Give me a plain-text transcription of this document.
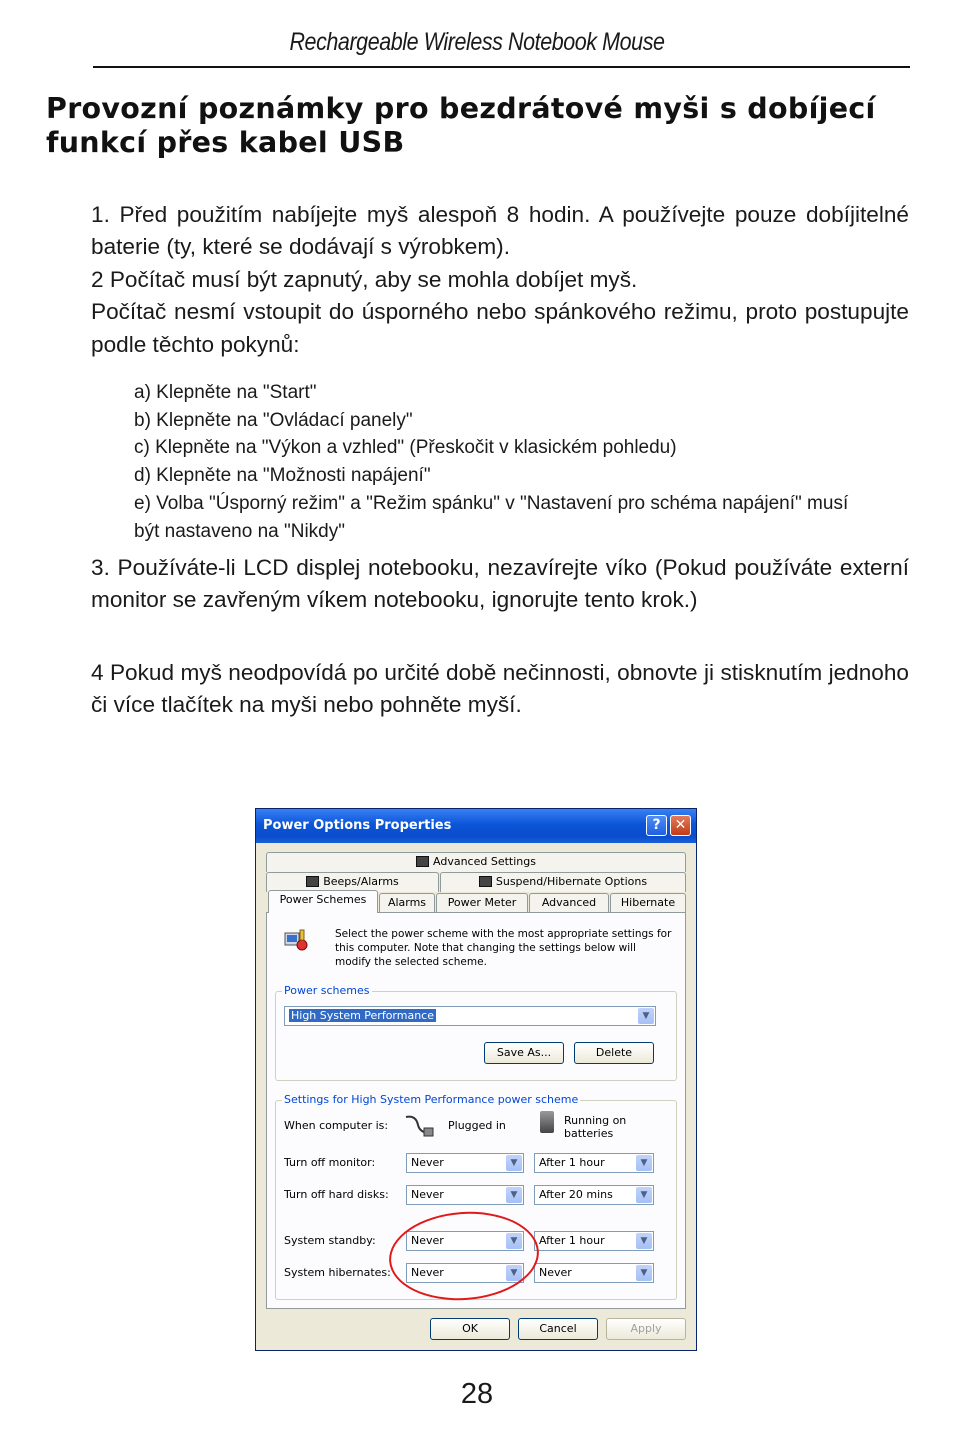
Rechargeable Wireless Notebook Mouse
Provozní poznámky pro bezdrátové myši s dobíjecí funkcí přes kabel USB
1. Před použitím nabíjejte myš alespoň 8 hodin. A používejte pouze dobíjitelné baterie (ty, které se dodávají s výrobkem).
2 Počítač musí být zapnutý, aby se mohla dobíjet myš.
Počítač nesmí vstoupit do úsporného nebo spánkového režimu, proto postupujte podle těchto pokynů:
a) Klepněte na "Start"
b) Klepněte na "Ovládací panely"
c) Klepněte na "Výkon a vzhled" (Přeskočit v klasickém pohledu)
d) Klepněte na "Možnosti napájení"
e) Volba "Úsporný režim" a "Režim spánku" v "Nastavení pro schéma napájení" musí být nastaveno na "Nikdy"
3. Používáte-li LCD displej notebooku, nezavírejte víko (Pokud používáte externí monitor se zavřeným víkem notebooku, ignorujte tento krok.)
4 Pokud myš neodpovídá po určité době nečinnosti, obnovte ji stisknutím jednoho či více tlačítek na myši nebo pohněte myší.
Power Options Properties	?	✕
Advanced Settings
Beeps/Alarms	Suspend/Hibernate Options
Power Schemes	Alarms	Power Meter	Advanced	Hibernate
Select the power scheme with the most appropriate settings for this computer. Note that changing the settings below will modify the selected scheme.
Power schemes
High System Performance	▼
Save As...	Delete
Settings for High System Performance power scheme
When computer is:	Plugged in	Running on
batteries
Turn off monitor:	Never	▼	After 1 hour	▼
Turn off hard disks:	Never	▼	After 20 mins	▼
System standby:	Never	▼	After 1 hour	▼
System hibernates:	Never	▼	Never	▼
OK	Cancel	Apply
28
